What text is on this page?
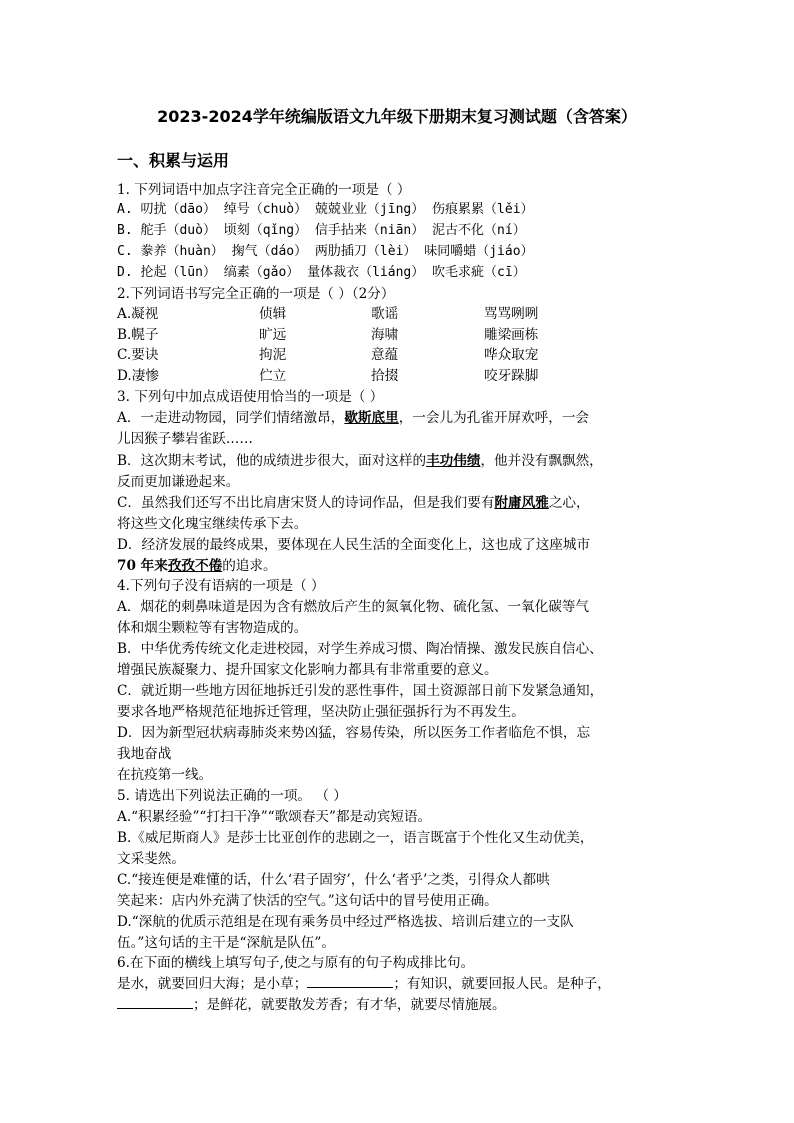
2023-2024学年统编版语文九年级下册期末复习测试题（含答案）
一、积累与运用
1. 下列词语中加点字注音完全正确的一项是（ ）
A. 叨扰（dāo） 绰号（chuò） 兢兢业业（jīng） 伤痕累累（lěi）
B. 舵手（duò） 顷刻（qǐng） 信手拈来（niān） 泥古不化（ní）
C. 豢养（huàn） 掬气（dáo） 两肋插刀（lèi） 味同嚼蜡（jiáo）
D. 抡起（lūn） 缟素（gǎo） 量体裁衣（liáng） 吹毛求疵（cī）
2.下列词语书写完全正确的一项是（ ）（2分）
A.凝视	侦辑	歌谣	骂骂咧咧
B.幌子	旷远	海啸	雕梁画栋
C.要诀	拘泥	意蕴	哗众取宠
D.凄惨	伫立	拾掇	咬牙跺脚
3. 下列句中加点成语使用恰当的一项是（ ）
A．一走进动物园，同学们情绪激昂，歇斯底里，一会儿为孔雀开屏欢呼，一会
儿因猴子攀岩雀跃……
B．这次期末考试，他的成绩进步很大，面对这样的丰功伟绩，他并没有飘飘然，
反而更加谦逊起来。
C．虽然我们还写不出比肩唐宋贤人的诗词作品，但是我们要有附庸风雅之心，
将这些文化瑰宝继续传承下去。
D．经济发展的最终成果，要体现在人民生活的全面变化上，这也成了这座城市
70 年来孜孜不倦的追求。
4.下列句子没有语病的一项是（ ）
A．烟花的刺鼻味道是因为含有燃放后产生的氮氧化物、硫化氢、一氧化碳等气
体和烟尘颗粒等有害物造成的。
B．中华优秀传统文化走进校园，对学生养成习惯、陶冶情操、激发民族自信心、
增强民族凝聚力、提升国家文化影响力都具有非常重要的意义。
C．就近期一些地方因征地拆迁引发的恶性事件，国土资源部日前下发紧急通知，
要求各地严格规范征地拆迁管理，坚决防止强征强拆行为不再发生。
D．因为新型冠状病毒肺炎来势凶猛，容易传染，所以医务工作者临危不惧，忘
我地奋战
在抗疫第一线。
5. 请选出下列说法正确的一项。 （ ）
A.“积累经验”“打扫干净”“歌颂春天”都是动宾短语。
B.《威尼斯商人》是莎士比亚创作的悲剧之一，语言既富于个性化又生动优美，
文采斐然。
C.“接连便是难懂的话，什么‘君子固穷’，什么‘者乎’之类，引得众人都哄
笑起来：店内外充满了快活的空气。”这句话中的冒号使用正确。
D.“深航的优质示范组是在现有乘务员中经过严格选拔、培训后建立的一支队
伍。”这句话的主干是“深航是队伍”。
6.在下面的横线上填写句子,使之与原有的句子构成排比句。
是水，就要回归大海；是小草；	；有知识，就要回报人民。是种子，
；是鲜花，就要散发芳香；有才华，就要尽情施展。
